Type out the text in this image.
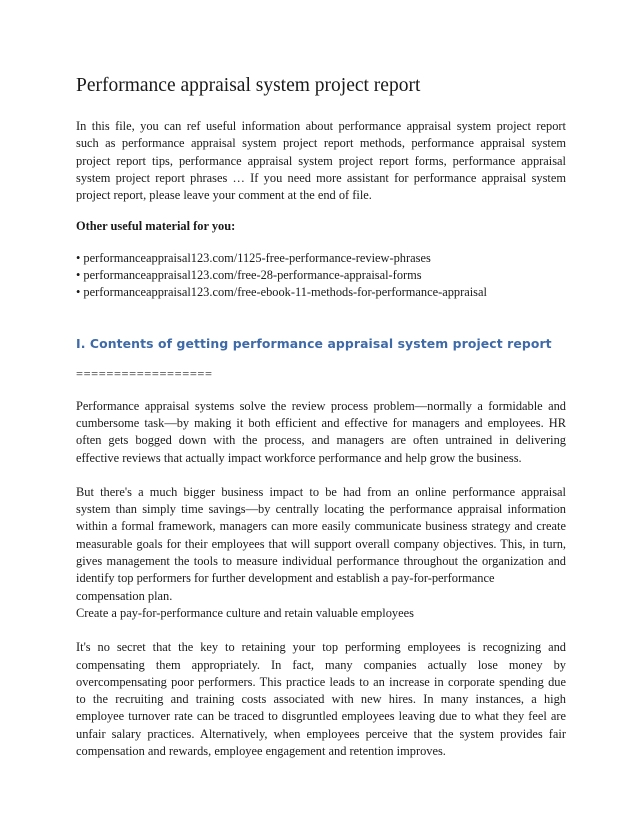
Performance appraisal system project report

In this file, you can ref useful information about performance appraisal system project report
such as performance appraisal system project report methods, performance appraisal system
project report tips, performance appraisal system project report forms, performance appraisal
system project report phrases … If you need more assistant for performance appraisal system
project report, please leave your comment at the end of file.

Other useful material for you:

• performanceappraisal123.com/1125-free-performance-review-phrases
• performanceappraisal123.com/free-28-performance-appraisal-forms
• performanceappraisal123.com/free-ebook-11-methods-for-performance-appraisal

I. Contents of getting performance appraisal system project report

==================

Performance appraisal systems solve the review process problem—normally a formidable and
cumbersome task—by making it both efficient and effective for managers and employees. HR
often gets bogged down with the process, and managers are often untrained in delivering
effective reviews that actually impact workforce performance and help grow the business.

But there's a much bigger business impact to be had from an online performance appraisal
system than simply time savings—by centrally locating the performance appraisal information
within a formal framework, managers can more easily communicate business strategy and create
measurable goals for their employees that will support overall company objectives. This, in turn,
gives management the tools to measure individual performance throughout the organization and
identify top performers for further development and establish a pay-for-performance
compensation plan.
Create a pay-for-performance culture and retain valuable employees

It's no secret that the key to retaining your top performing employees is recognizing and
compensating them appropriately. In fact, many companies actually lose money by
overcompensating poor performers. This practice leads to an increase in corporate spending due
to the recruiting and training costs associated with new hires. In many instances, a high
employee turnover rate can be traced to disgruntled employees leaving due to what they feel are
unfair salary practices. Alternatively, when employees perceive that the system provides fair
compensation and rewards, employee engagement and retention improves.
